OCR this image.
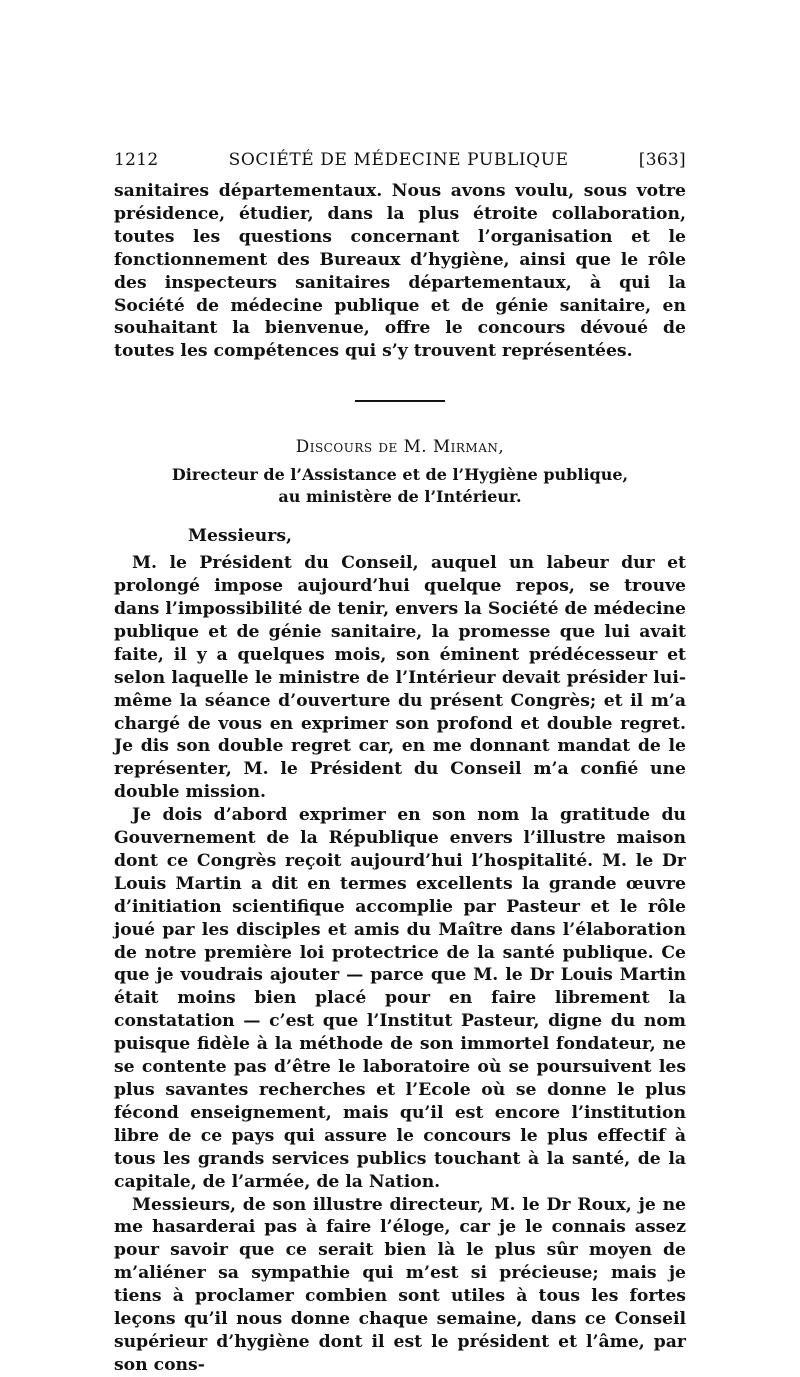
1212	SOCIÉTÉ DE MÉDECINE PUBLIQUE	[363]

sanitaires départementaux. Nous avons voulu, sous votre présidence, étudier, dans la plus étroite collaboration, toutes les questions concernant l’organisation et le fonctionnement des Bureaux d’hygiène, ainsi que le rôle des inspecteurs sanitaires départementaux, à qui la Société de médecine publique et de génie sanitaire, en souhaitant la bienvenue, offre le concours dévoué de toutes les compétences qui s’y trouvent représentées.

Discours de M. Mirman,
Directeur de l’Assistance et de l’Hygiène publique,
au ministère de l’Intérieur.
Messieurs,

M. le Président du Conseil, auquel un labeur dur et prolongé impose aujourd’hui quelque repos, se trouve dans l’impossibilité de tenir, envers la Société de médecine publique et de génie sanitaire, la promesse que lui avait faite, il y a quelques mois, son éminent prédécesseur et selon laquelle le ministre de l’Intérieur devait présider lui-même la séance d’ouverture du présent Congrès; et il m’a chargé de vous en exprimer son profond et double regret. Je dis son double regret car, en me donnant mandat de le représenter, M. le Président du Conseil m’a confié une double mission.

Je dois d’abord exprimer en son nom la gratitude du Gouvernement de la République envers l’illustre maison dont ce Congrès reçoit aujourd’hui l’hospitalité. M. le Dr Louis Martin a dit en termes excellents la grande œuvre d’initiation scientifique accomplie par Pasteur et le rôle joué par les disciples et amis du Maître dans l’élaboration de notre première loi protectrice de la santé publique. Ce que je voudrais ajouter — parce que M. le Dr Louis Martin était moins bien placé pour en faire librement la constatation — c’est que l’Institut Pasteur, digne du nom puisque fidèle à la méthode de son immortel fondateur, ne se contente pas d’être le laboratoire où se poursuivent les plus savantes recherches et l’Ecole où se donne le plus fécond enseignement, mais qu’il est encore l’institution libre de ce pays qui assure le concours le plus effectif à tous les grands services publics touchant à la santé, de la capitale, de l’armée, de la Nation.

Messieurs, de son illustre directeur, M. le Dr Roux, je ne me hasarderai pas à faire l’éloge, car je le connais assez pour savoir que ce serait bien là le plus sûr moyen de m’aliéner sa sympathie qui m’est si précieuse; mais je tiens à proclamer combien sont utiles à tous les fortes leçons qu’il nous donne chaque semaine, dans ce Conseil supérieur d’hygiène dont il est le président et l’âme, par son cons-
